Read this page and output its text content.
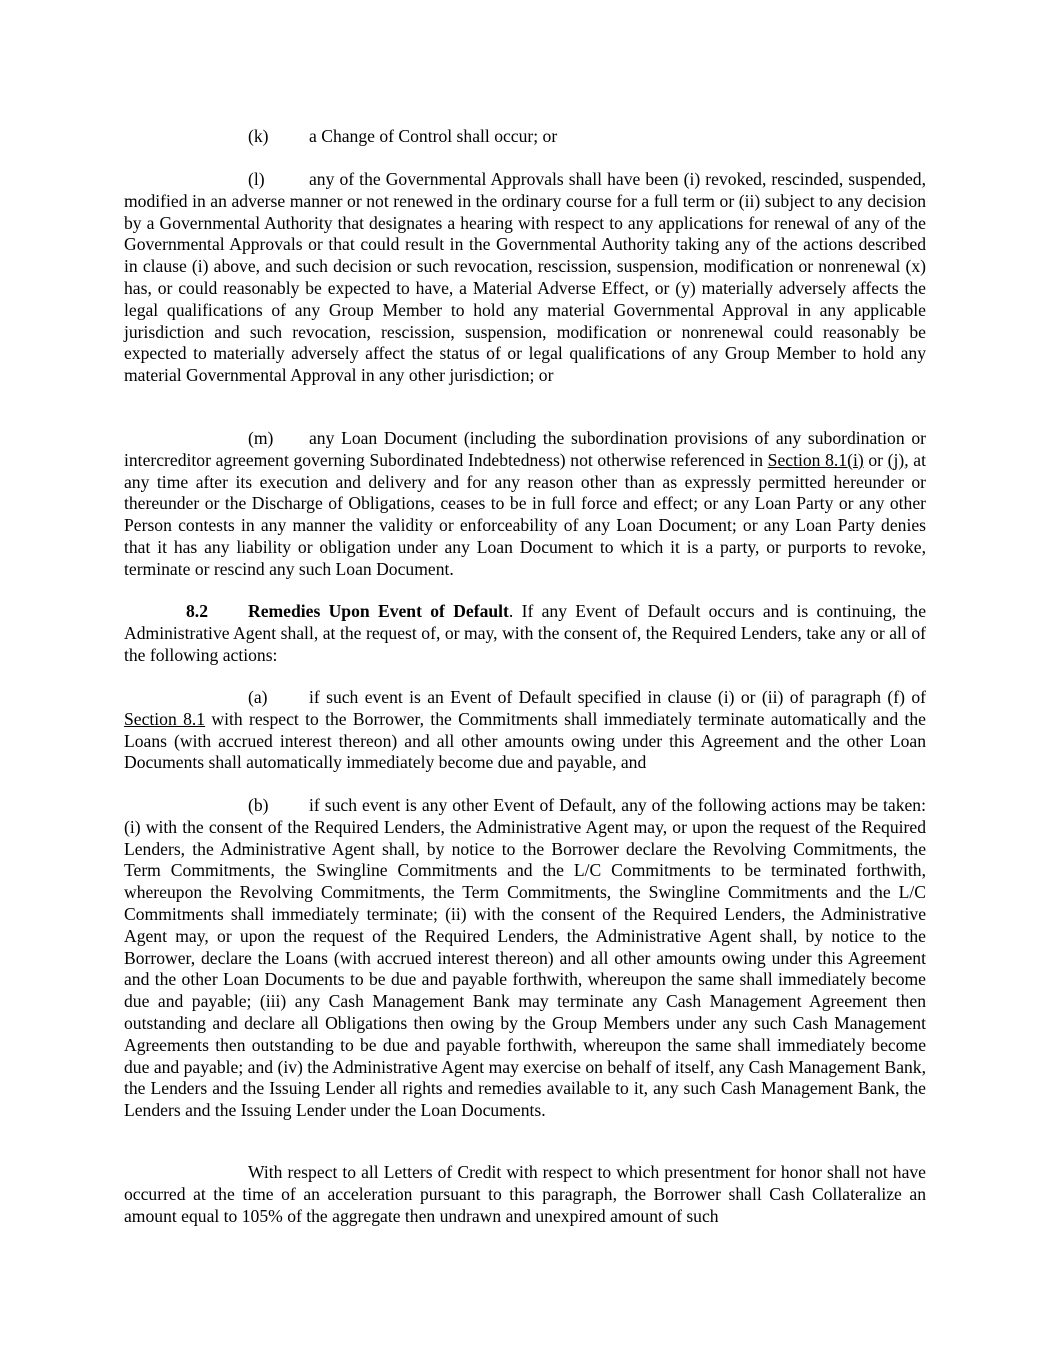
(k) a Change of Control shall occur; or

(l)	any of the Governmental Approvals shall have been (i) revoked, rescinded, suspended, modified in an adverse manner or not renewed in the ordinary course for a full term or (ii) subject to any decision by a Governmental Authority that designates a hearing with respect to any applications for renewal of any of the Governmental Approvals or that could result in the Governmental Authority taking any of the actions described in clause (i) above, and such decision or such revocation, rescission, suspension, modification or nonrenewal (x) has, or could reasonably be expected to have, a Material Adverse Effect, or (y) materially adversely affects the legal qualifications of any Group Member to hold any material Governmental Approval in any applicable jurisdiction and such revocation, rescission, suspension, modification or nonrenewal could reasonably be expected to materially adversely affect the status of or legal qualifications of any Group Member to hold any material Governmental Approval in any other jurisdiction; or

(m) any Loan Document (including the subordination provisions of any subordination or intercreditor agreement governing Subordinated Indebtedness) not otherwise referenced in Section 8.1(i) or (j), at any time after its execution and delivery and for any reason other than as expressly permitted hereunder or thereunder or the Discharge of Obligations, ceases to be in full force and effect; or any Loan Party or any other Person contests in any manner the validity or enforceability of any Loan Document; or any Loan Party denies that it has any liability or obligation under any Loan Document to which it is a party, or purports to revoke, terminate or rescind any such Loan Document.

8.2 Remedies Upon Event of Default. If any Event of Default occurs and is continuing, the Administrative Agent shall, at the request of, or may, with the consent of, the Required Lenders, take any or all of the following actions:

(a) if such event is an Event of Default specified in clause (i) or (ii) of paragraph (f) of Section 8.1 with respect to the Borrower, the Commitments shall immediately terminate automatically and the Loans (with accrued interest thereon) and all other amounts owing under this Agreement and the other Loan Documents shall automatically immediately become due and payable, and

(b) if such event is any other Event of Default, any of the following actions may be taken: (i) with the consent of the Required Lenders, the Administrative Agent may, or upon the request of the Required Lenders, the Administrative Agent shall, by notice to the Borrower declare the Revolving Commitments, the Term Commitments, the Swingline Commitments and the L/C Commitments to be terminated forthwith, whereupon the Revolving Commitments, the Term Commitments, the Swingline Commitments and the L/C Commitments shall immediately terminate; (ii) with the consent of the Required Lenders, the Administrative Agent may, or upon the request of the Required Lenders, the Administrative Agent shall, by notice to the Borrower, declare the Loans (with accrued interest thereon) and all other amounts owing under this Agreement and the other Loan Documents to be due and payable forthwith, whereupon the same shall immediately become due and payable; (iii) any Cash Management Bank may terminate any Cash Management Agreement then outstanding and declare all Obligations then owing by the Group Members under any such Cash Management Agreements then outstanding to be due and payable forthwith, whereupon the same shall immediately become due and payable; and (iv) the Administrative Agent may exercise on behalf of itself, any Cash Management Bank, the Lenders and the Issuing Lender all rights and remedies available to it, any such Cash Management Bank, the Lenders and the Issuing Lender under the Loan Documents.

With respect to all Letters of Credit with respect to which presentment for honor shall not have occurred at the time of an acceleration pursuant to this paragraph, the Borrower shall Cash Collateralize an amount equal to 105% of the aggregate then undrawn and unexpired amount of such
